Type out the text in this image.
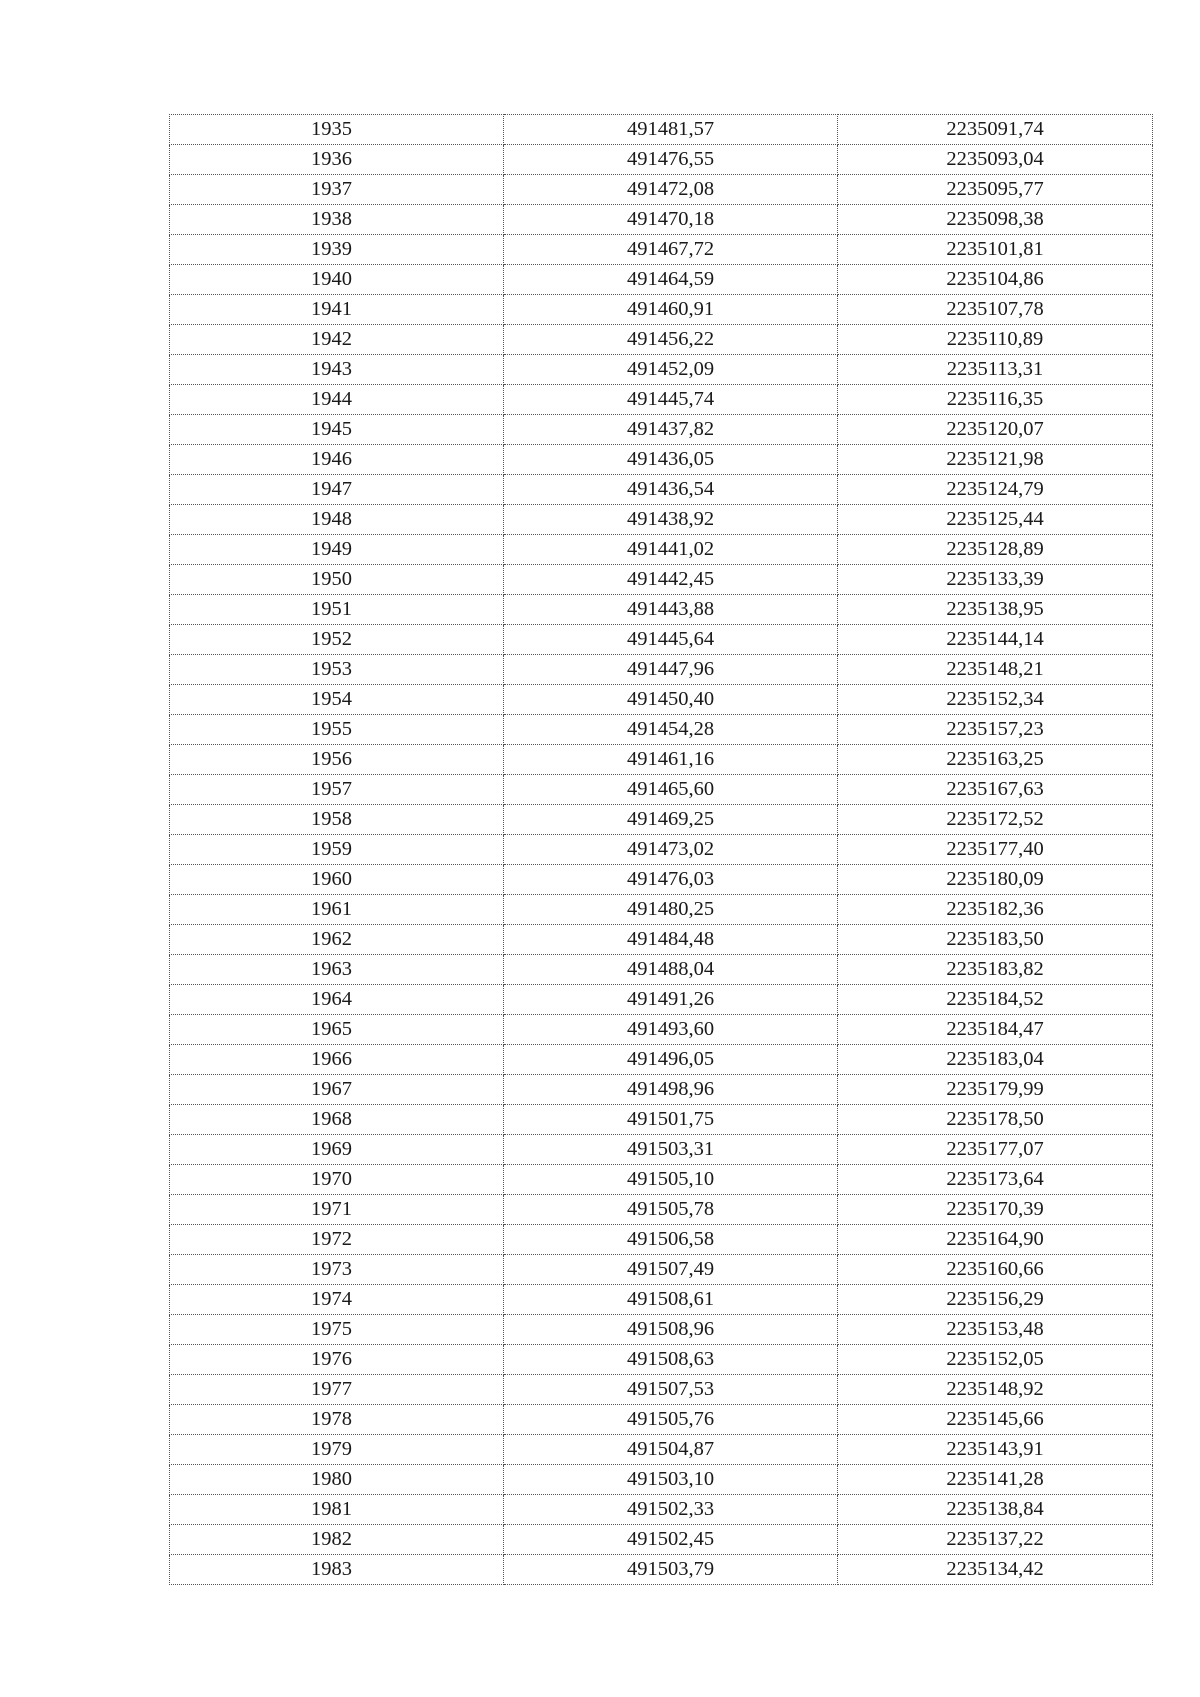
1935	491481,57	2235091,74
1936	491476,55	2235093,04
1937	491472,08	2235095,77
1938	491470,18	2235098,38
1939	491467,72	2235101,81
1940	491464,59	2235104,86
1941	491460,91	2235107,78
1942	491456,22	2235110,89
1943	491452,09	2235113,31
1944	491445,74	2235116,35
1945	491437,82	2235120,07
1946	491436,05	2235121,98
1947	491436,54	2235124,79
1948	491438,92	2235125,44
1949	491441,02	2235128,89
1950	491442,45	2235133,39
1951	491443,88	2235138,95
1952	491445,64	2235144,14
1953	491447,96	2235148,21
1954	491450,40	2235152,34
1955	491454,28	2235157,23
1956	491461,16	2235163,25
1957	491465,60	2235167,63
1958	491469,25	2235172,52
1959	491473,02	2235177,40
1960	491476,03	2235180,09
1961	491480,25	2235182,36
1962	491484,48	2235183,50
1963	491488,04	2235183,82
1964	491491,26	2235184,52
1965	491493,60	2235184,47
1966	491496,05	2235183,04
1967	491498,96	2235179,99
1968	491501,75	2235178,50
1969	491503,31	2235177,07
1970	491505,10	2235173,64
1971	491505,78	2235170,39
1972	491506,58	2235164,90
1973	491507,49	2235160,66
1974	491508,61	2235156,29
1975	491508,96	2235153,48
1976	491508,63	2235152,05
1977	491507,53	2235148,92
1978	491505,76	2235145,66
1979	491504,87	2235143,91
1980	491503,10	2235141,28
1981	491502,33	2235138,84
1982	491502,45	2235137,22
1983	491503,79	2235134,42
